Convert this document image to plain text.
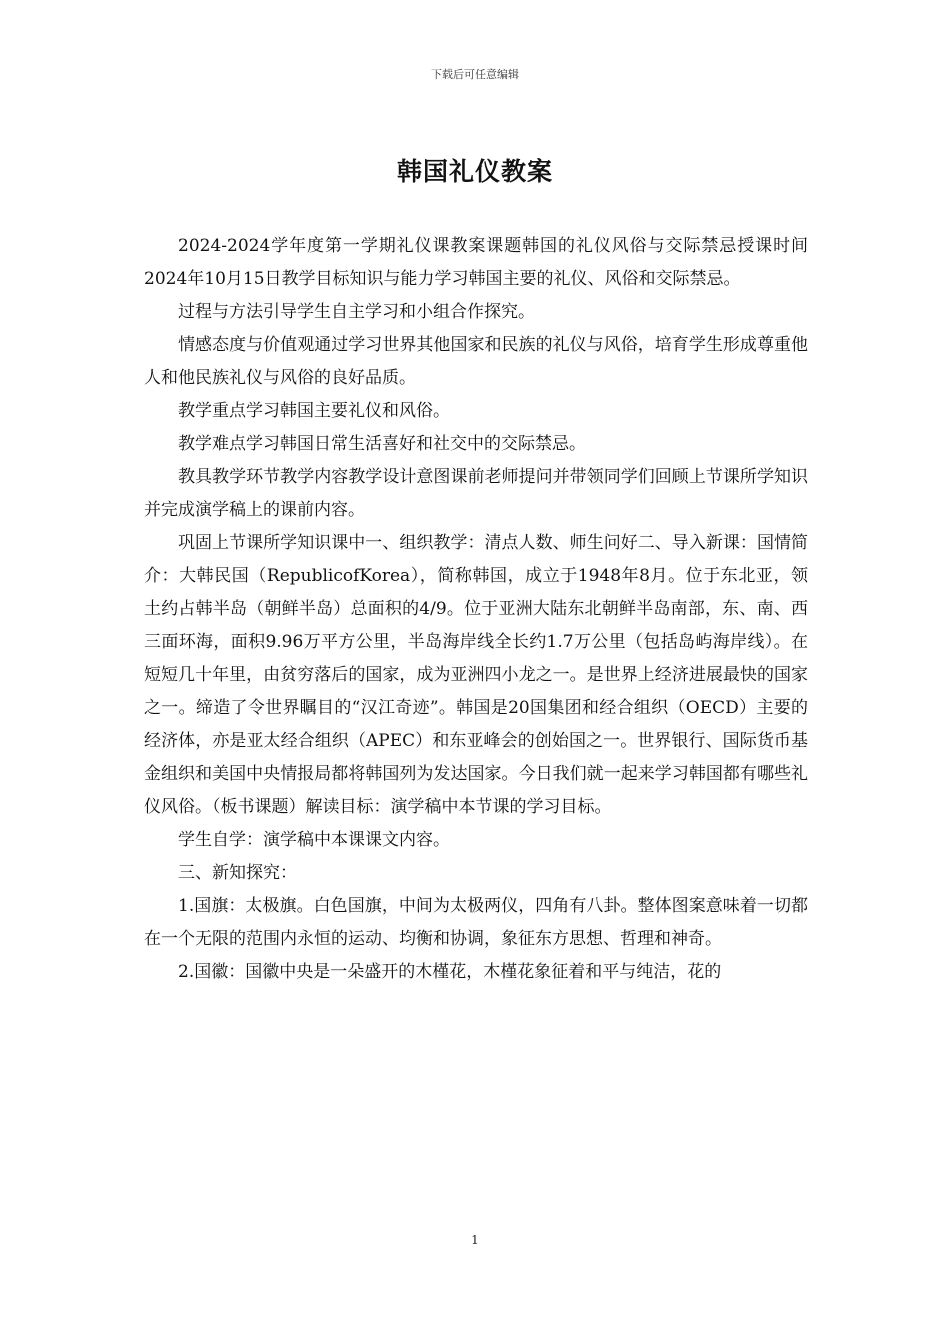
下载后可任意编辑
韩国礼仪教案

2024-2024学年度第一学期礼仪课教案课题韩国的礼仪风俗与交际禁忌授课时间2024年10月15日教学目标知识与能力学习韩国主要的礼仪、风俗和交际禁忌。

过程与方法引导学生自主学习和小组合作探究。

情感态度与价值观通过学习世界其他国家和民族的礼仪与风俗，培育学生形成尊重他人和他民族礼仪与风俗的良好品质。

教学重点学习韩国主要礼仪和风俗。

教学难点学习韩国日常生活喜好和社交中的交际禁忌。

教具教学环节教学内容教学设计意图课前老师提问并带领同学们回顾上节课所学知识并完成演学稿上的课前内容。

巩固上节课所学知识课中一、组织教学：清点人数、师生问好二、导入新课：国情简介：大韩民国（RepublicofKorea），简称韩国，成立于1948年8月。位于东北亚，领土约占韩半岛（朝鲜半岛）总面积的4/9。位于亚洲大陆东北朝鲜半岛南部，东、南、西三面环海，面积9.96万平方公里，半岛海岸线全长约1.7万公里（包括岛屿海岸线）。在短短几十年里，由贫穷落后的国家，成为亚洲四小龙之一。是世界上经济进展最快的国家之一。缔造了令世界瞩目的“汉江奇迹”。韩国是20国集团和经合组织（OECD）主要的经济体，亦是亚太经合组织（APEC）和东亚峰会的创始国之一。世界银行、国际货币基金组织和美国中央情报局都将韩国列为发达国家。今日我们就一起来学习韩国都有哪些礼仪风俗。（板书课题）解读目标：演学稿中本节课的学习目标。

学生自学：演学稿中本课课文内容。

三、新知探究：

1.国旗：太极旗。白色国旗，中间为太极两仪，四角有八卦。整体图案意味着一切都在一个无限的范围内永恒的运动、均衡和协调，象征东方思想、哲理和神奇。

2.国徽：国徽中央是一朵盛开的木槿花，木槿花象征着和平与纯洁，花的

1
